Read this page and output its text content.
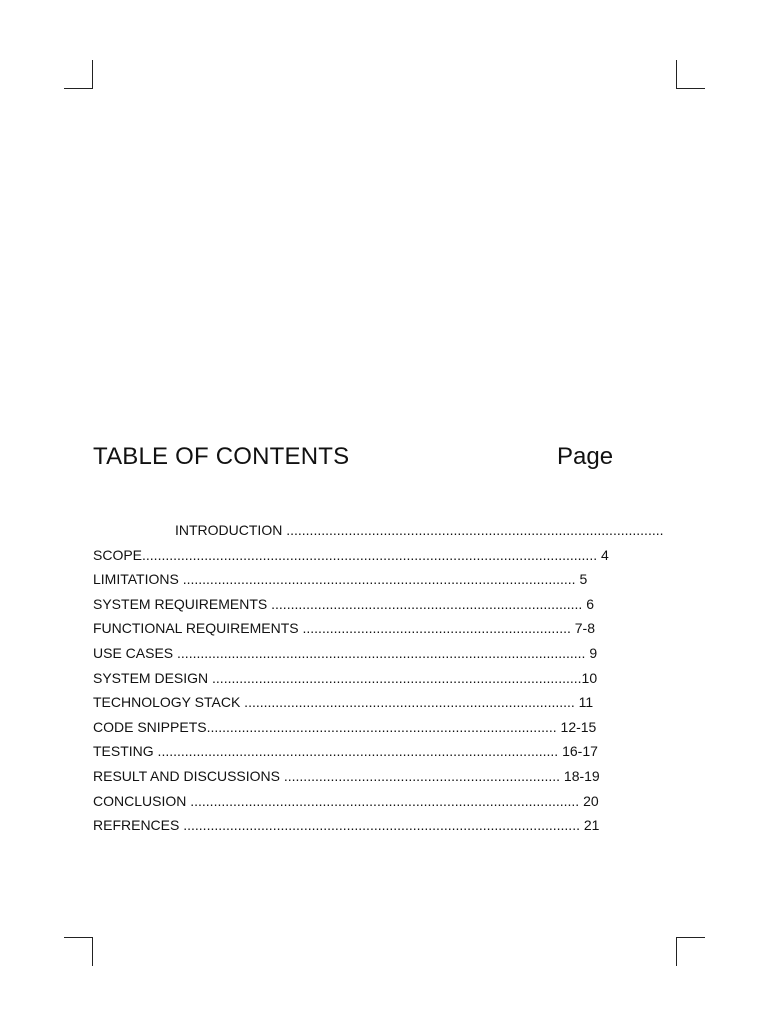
TABLE OF CONTENTS	Page
INTRODUCTION .................................................................................................
SCOPE..................................................................................................................... 4
LIMITATIONS ..................................................................................................... 5
SYSTEM REQUIREMENTS ................................................................................ 6
FUNCTIONAL REQUIREMENTS ..................................................................... 7-8
USE CASES ......................................................................................................... 9
SYSTEM DESIGN ...............................................................................................10
TECHNOLOGY STACK ..................................................................................... 11
CODE SNIPPETS.......................................................................................... 12-15
TESTING ....................................................................................................... 16-17
RESULT AND DISCUSSIONS ....................................................................... 18-19
CONCLUSION .................................................................................................... 20
REFRENCES ...................................................................................................... 21
